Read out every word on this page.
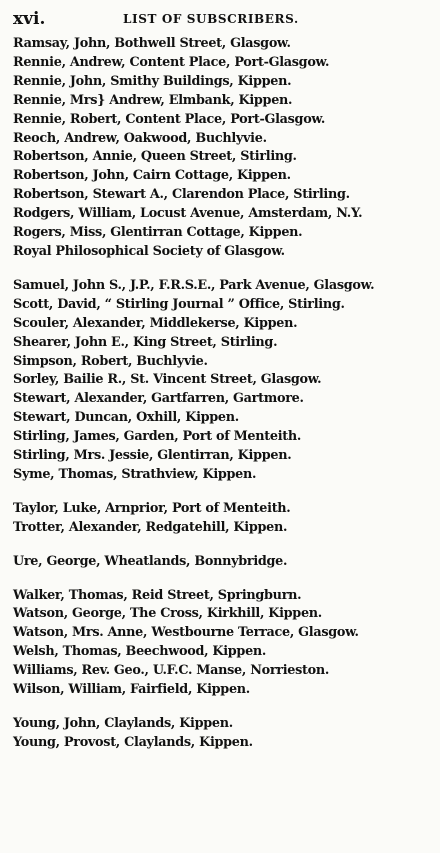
xvi.	LIST OF SUBSCRIBERS.
Ramsay, John, Bothwell Street, Glasgow.
Rennie, Andrew, Content Place, Port-Glasgow.
Rennie, John, Smithy Buildings, Kippen.
Rennie, Mrs} Andrew, Elmbank, Kippen.
Rennie, Robert, Content Place, Port-Glasgow.
Reoch, Andrew, Oakwood, Buchlyvie.
Robertson, Annie, Queen Street, Stirling.
Robertson, John, Cairn Cottage, Kippen.
Robertson, Stewart A., Clarendon Place, Stirling.
Rodgers, William, Locust Avenue, Amsterdam, N.Y.
Rogers, Miss, Glentirran Cottage, Kippen.
Royal Philosophical Society of Glasgow.
Samuel, John S., J.P., F.R.S.E., Park Avenue, Glasgow.
Scott, David, “ Stirling Journal ” Office, Stirling.
Scouler, Alexander, Middlekerse, Kippen.
Shearer, John E., King Street, Stirling.
Simpson, Robert, Buchlyvie.
Sorley, Bailie R., St. Vincent Street, Glasgow.
Stewart, Alexander, Gartfarren, Gartmore.
Stewart, Duncan, Oxhill, Kippen.
Stirling, James, Garden, Port of Menteith.
Stirling, Mrs. Jessie, Glentirran, Kippen.
Syme, Thomas, Strathview, Kippen.
Taylor, Luke, Arnprior, Port of Menteith.
Trotter, Alexander, Redgatehill, Kippen.
Ure, George, Wheatlands, Bonnybridge.
Walker, Thomas, Reid Street, Springburn.
Watson, George, The Cross, Kirkhill, Kippen.
Watson, Mrs. Anne, Westbourne Terrace, Glasgow.
Welsh, Thomas, Beechwood, Kippen.
Williams, Rev. Geo., U.F.C. Manse, Norrieston.
Wilson, William, Fairfield, Kippen.
Young, John, Claylands, Kippen.
Young, Provost, Claylands, Kippen.
